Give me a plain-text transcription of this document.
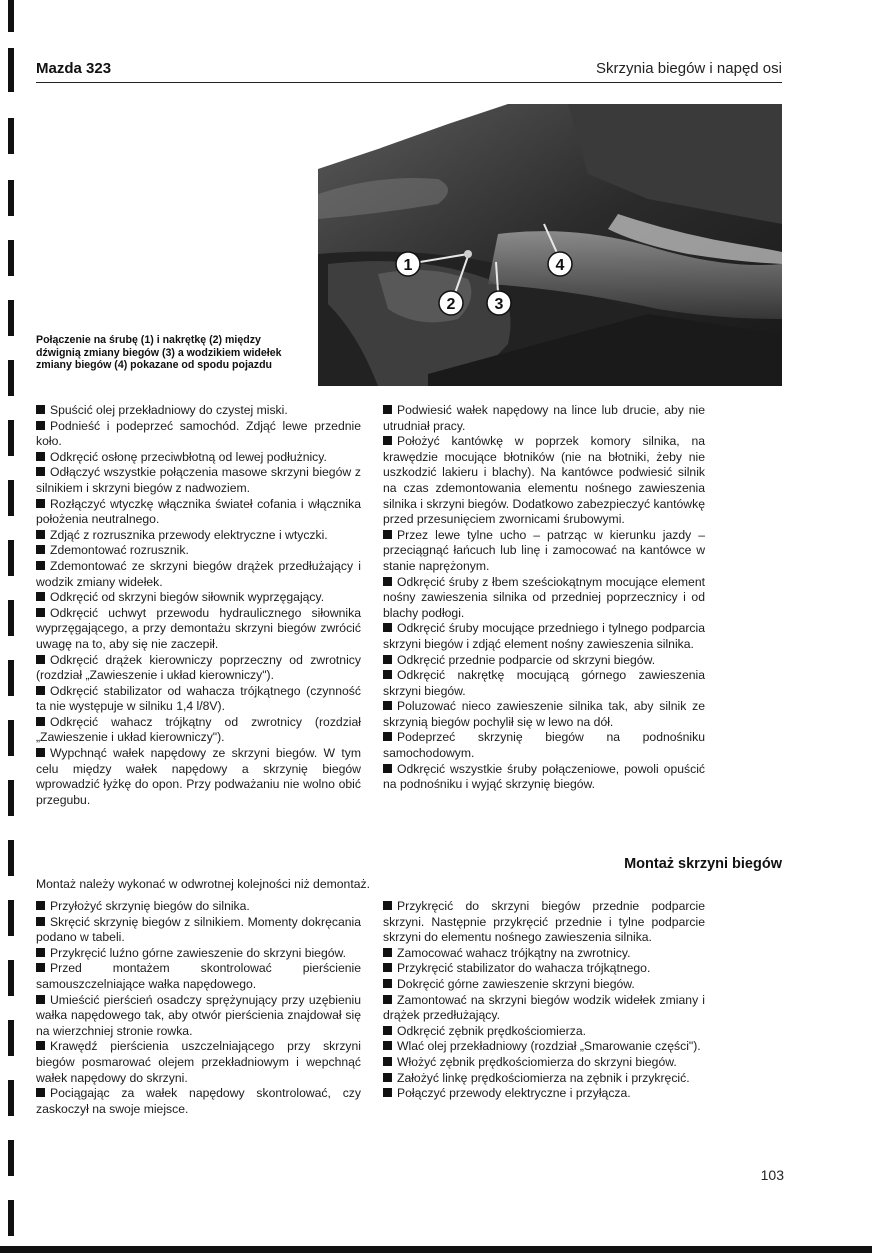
Mazda 323	Skrzynia biegów i napęd osi
1
2 3
4
Połączenie na śrubę (1) i nakrętkę (2) między dźwignią zmiany biegów (3) a wodzikiem widełek zmiany biegów (4) pokazane od spodu pojazdu

Spuścić olej przekładniowy do czystej miski.

Podnieść i podeprzeć samochód. Zdjąć lewe przednie koło.

Odkręcić osłonę przeciwbłotną od lewej podłużnicy.

Odłączyć wszystkie połączenia masowe skrzyni biegów z silnikiem i skrzyni biegów z nadwoziem.

Rozłączyć wtyczkę włącznika świateł cofania i włącznika położenia neutralnego.

Zdjąć z rozrusznika przewody elektryczne i wtyczki.

Zdemontować rozrusznik.

Zdemontować ze skrzyni biegów drążek przedłużający i wodzik zmiany widełek.

Odkręcić od skrzyni biegów siłownik wyprzęgający.

Odkręcić uchwyt przewodu hydraulicznego siłownika wyprzęgającego, a przy demontażu skrzyni biegów zwrócić uwagę na to, aby się nie zaczepił.

Odkręcić drążek kierowniczy poprzeczny od zwrotnicy (rozdział „Zawieszenie i układ kierowniczy").

Odkręcić stabilizator od wahacza trójkątnego (czynność ta nie występuje w silniku 1,4 l/8V).

Odkręcić wahacz trójkątny od zwrotnicy (rozdział „Zawieszenie i układ kierowniczy").

Wypchnąć wałek napędowy ze skrzyni biegów. W tym celu między wałek napędowy a skrzynię biegów wprowadzić łyżkę do opon. Przy podważaniu nie wolno obić przegubu.

Podwiesić wałek napędowy na lince lub drucie, aby nie utrudniał pracy.

Położyć kantówkę w poprzek komory silnika, na krawędzie mocujące błotników (nie na błotniki, żeby nie uszkodzić lakieru i blachy). Na kantówce podwiesić silnik na czas zdemontowania elementu nośnego zawieszenia silnika i skrzyni biegów. Dodatkowo zabezpieczyć kantówkę przed przesunięciem zwornicami śrubowymi.

Przez lewe tylne ucho – patrząc w kierunku jazdy – przeciągnąć łańcuch lub linę i zamocować na kantówce w stanie naprężonym.

Odkręcić śruby z łbem sześciokątnym mocujące element nośny zawieszenia silnika od przedniej poprzecznicy i od blachy podłogi.

Odkręcić śruby mocujące przedniego i tylnego podparcia skrzyni biegów i zdjąć element nośny zawieszenia silnika.

Odkręcić przednie podparcie od skrzyni biegów.

Odkręcić nakrętkę mocującą górnego zawieszenia skrzyni biegów.

Poluzować nieco zawieszenie silnika tak, aby silnik ze skrzynią biegów pochylił się w lewo na dół.

Podeprzeć skrzynię biegów na podnośniku samochodowym.

Odkręcić wszystkie śruby połączeniowe, powoli opuścić na podnośniku i wyjąć skrzynię biegów.

Montaż skrzyni biegów
Montaż należy wykonać w odwrotnej kolejności niż demontaż.

Przyłożyć skrzynię biegów do silnika.

Skręcić skrzynię biegów z silnikiem. Momenty dokręcania podano w tabeli.

Przykręcić luźno górne zawieszenie do skrzyni biegów.

Przed montażem skontrolować pierścienie samouszczelniające wałka napędowego.

Umieścić pierścień osadczy sprężynujący przy uzębieniu wałka napędowego tak, aby otwór pierścienia znajdował się na wierzchniej stronie rowka.

Krawędź pierścienia uszczelniającego przy skrzyni biegów posmarować olejem przekładniowym i wepchnąć wałek napędowy do skrzyni.

Pociągając za wałek napędowy skontrolować, czy zaskoczył na swoje miejsce.

Przykręcić do skrzyni biegów przednie podparcie skrzyni. Następnie przykręcić przednie i tylne podparcie skrzyni do elementu nośnego zawieszenia silnika.

Zamocować wahacz trójkątny na zwrotnicy.

Przykręcić stabilizator do wahacza trójkątnego.

Dokręcić górne zawieszenie skrzyni biegów.

Zamontować na skrzyni biegów wodzik widełek zmiany i drążek przedłużający.

Odkręcić zębnik prędkościomierza.

Wlać olej przekładniowy (rozdział „Smarowanie części").

Włożyć zębnik prędkościomierza do skrzyni biegów.

Założyć linkę prędkościomierza na zębnik i przykręcić.

Połączyć przewody elektryczne i przyłącza.

103
